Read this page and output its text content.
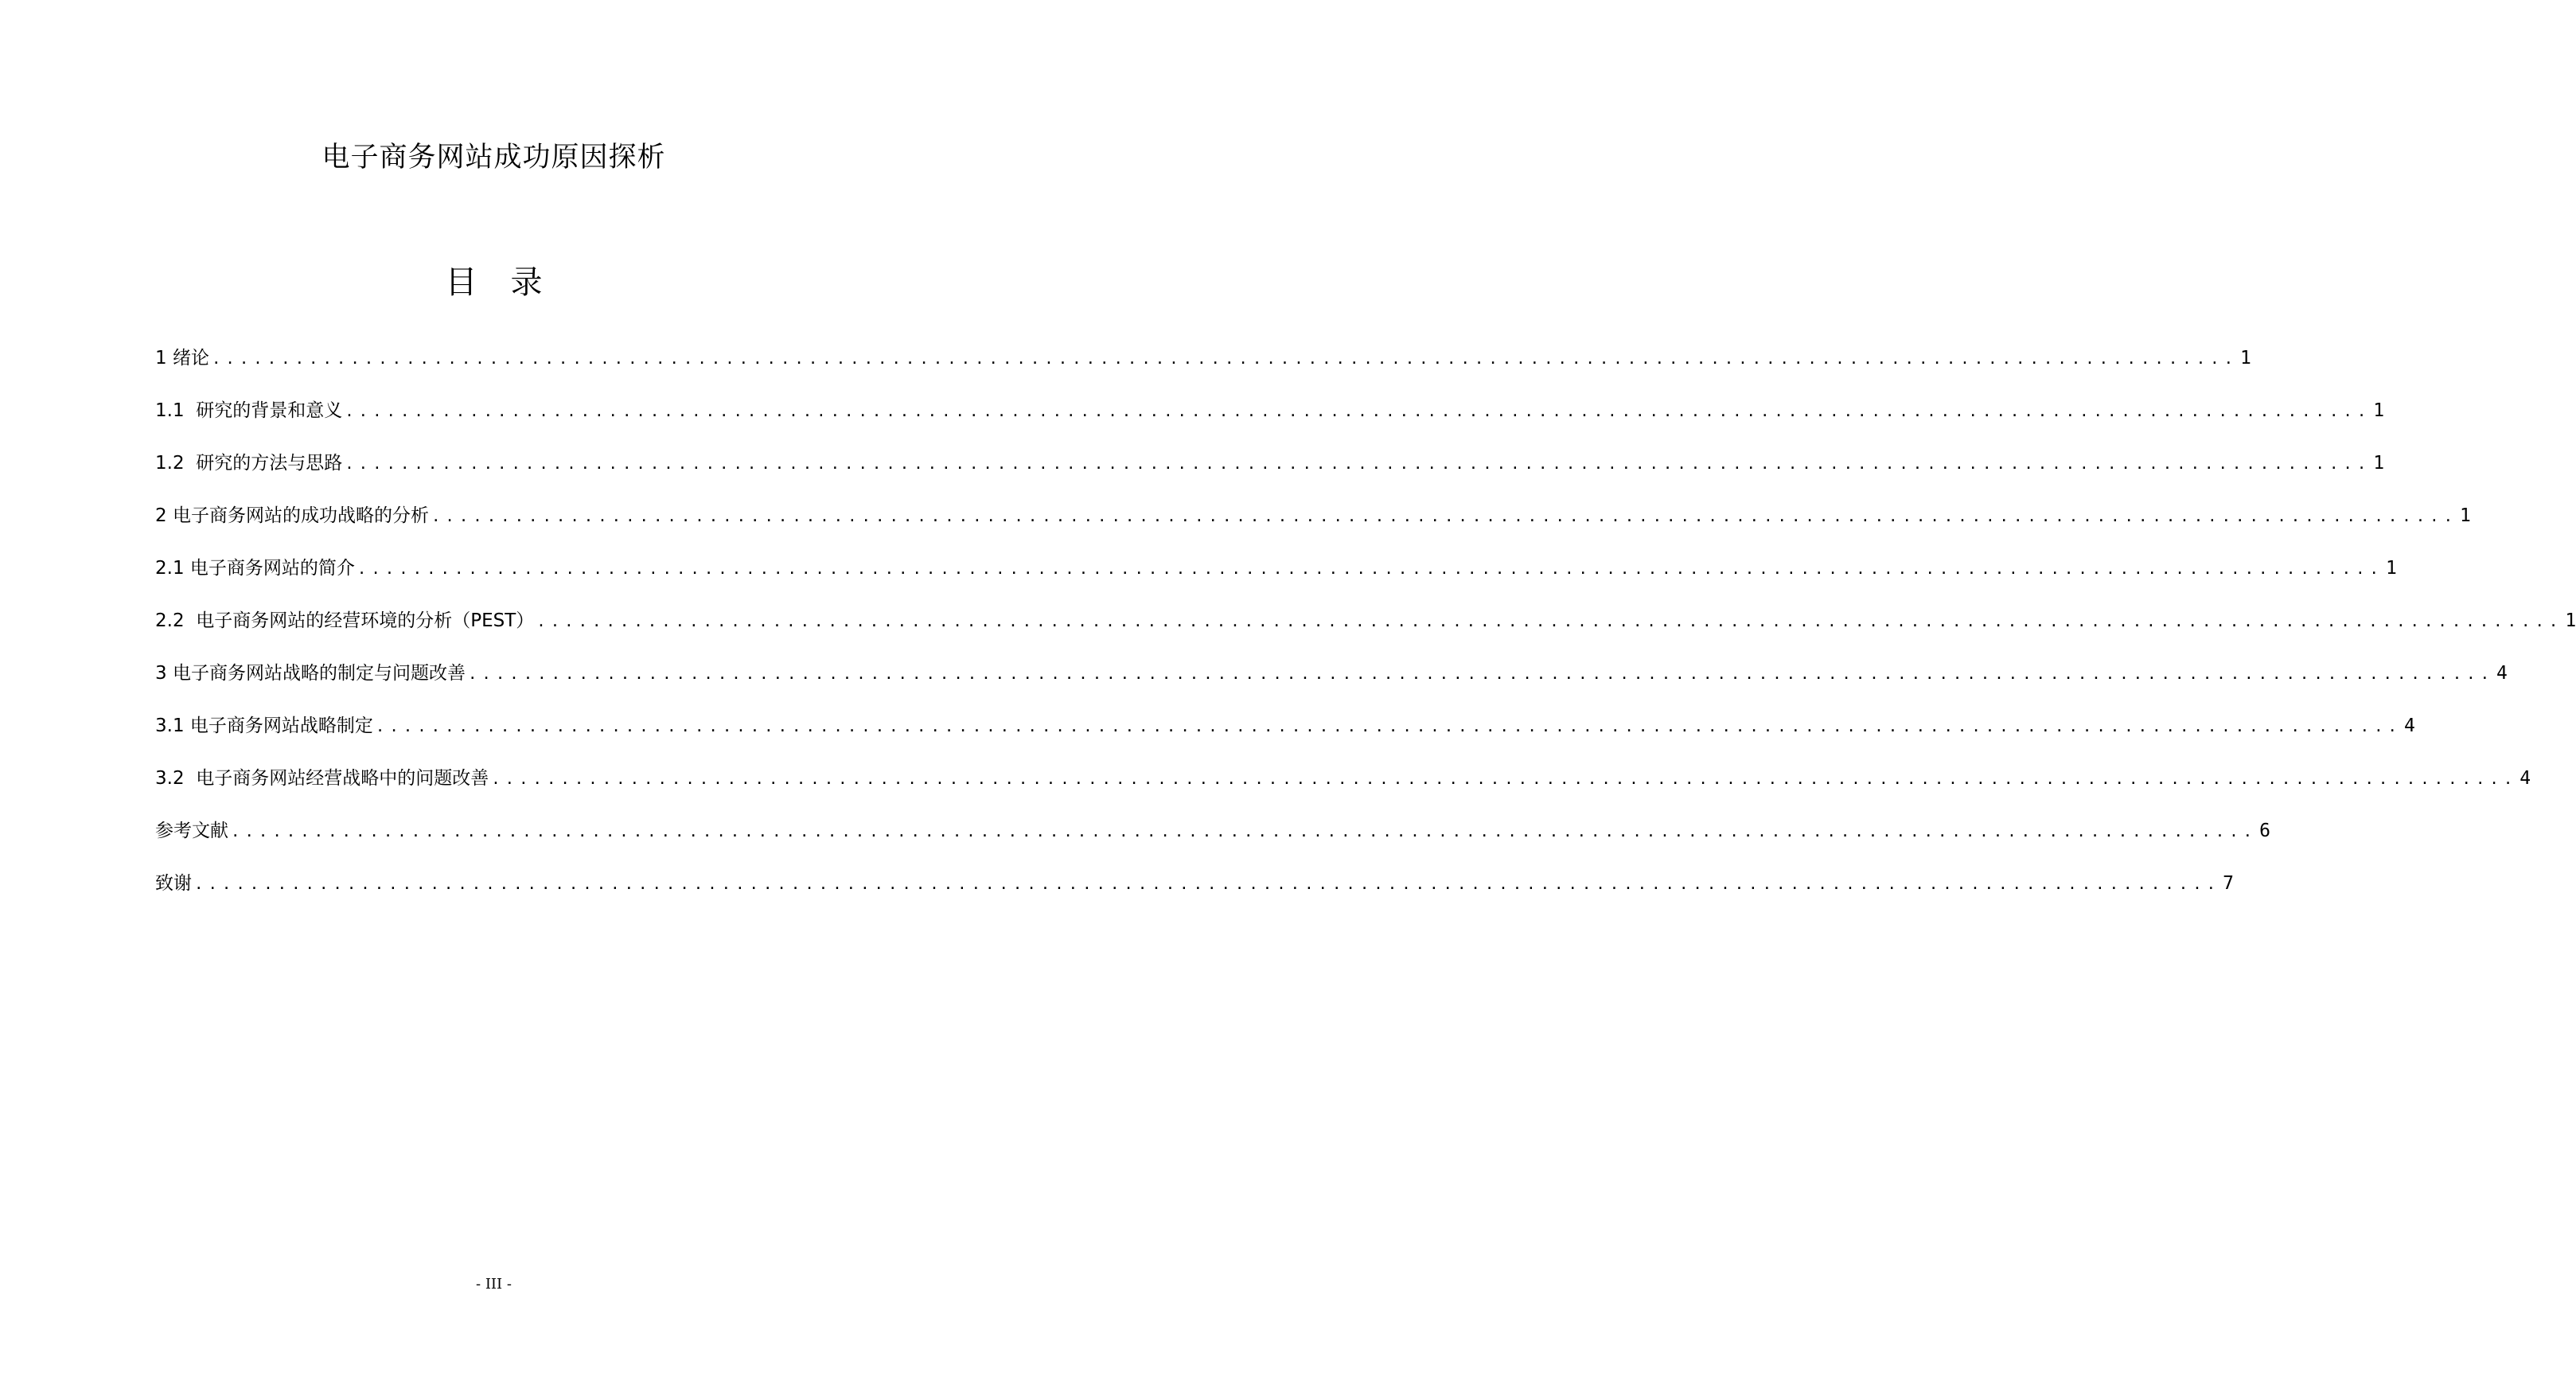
电子商务网站成功原因探析
目录
1 绪论 .................................................................................................................................................. 1
1.1 研究的背景和意义 .................................................................................................................................................. 1
1.2 研究的方法与思路 .................................................................................................................................................. 1
2 电子商务网站的成功战略的分析 .................................................................................................................................................. 1
2.1 电子商务网站的简介 .................................................................................................................................................. 1
2.2 电子商务网站的经营环境的分析（PEST） .................................................................................................................................................. 1
3 电子商务网站战略的制定与问题改善 .................................................................................................................................................. 4
3.1 电子商务网站战略制定 .................................................................................................................................................. 4
3.2 电子商务网站经营战略中的问题改善 .................................................................................................................................................. 4
参考文献 .................................................................................................................................................. 6
致谢 .................................................................................................................................................. 7
- III -
